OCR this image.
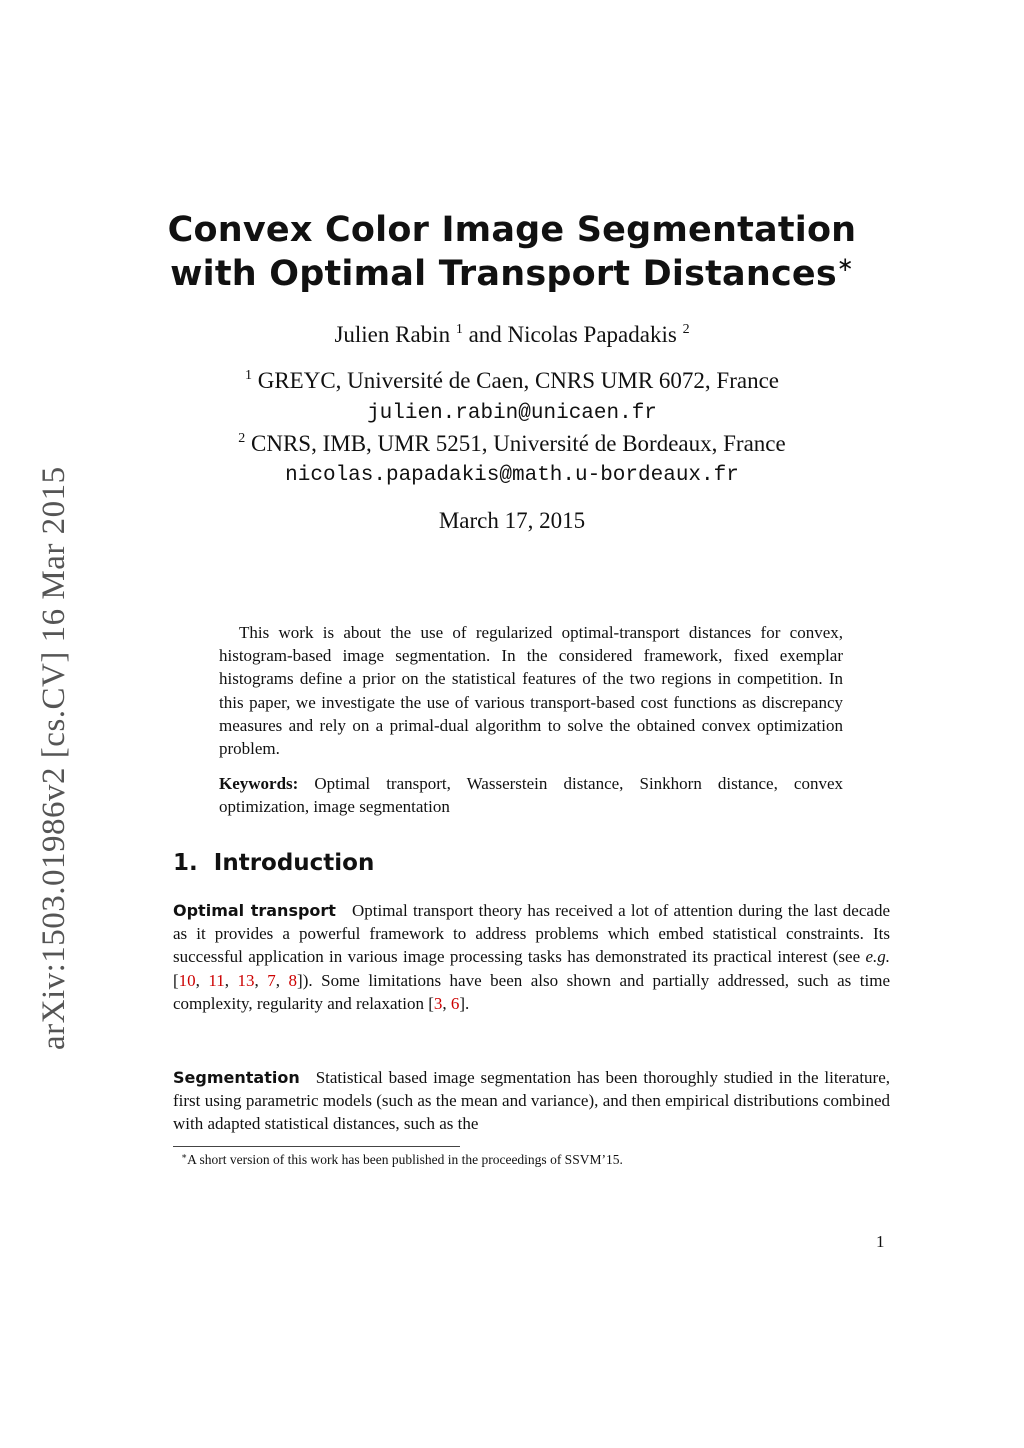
arXiv:1503.01986v2 [cs.CV] 16 Mar 2015
Convex Color Image Segmentation
with Optimal Transport Distances∗
Julien Rabin $^1$ and Nicolas Papadakis $^2$
$^1$ GREYC, Université de Caen, CNRS UMR 6072, France
julien.rabin@unicaen.fr
$^2$ CNRS, IMB, UMR 5251, Université de Bordeaux, France
nicolas.papadakis@math.u-bordeaux.fr
March 17, 2015

This work is about the use of regularized optimal-transport distances for convex, histogram-based image segmentation. In the considered framework, fixed exemplar histograms define a prior on the statistical features of the two regions in competition. In this paper, we investigate the use of various transport-based cost functions as discrepancy measures and rely on a primal-dual algorithm to solve the obtained convex optimization problem.

Keywords: Optimal transport, Wasserstein distance, Sinkhorn distance, convex optimization, image segmentation
1. Introduction

Optimal transport Optimal transport theory has received a lot of attention during the last decade as it provides a powerful framework to address problems which embed statistical constraints. Its successful application in various image processing tasks has demonstrated its practical interest (see e.g. [10, 11, 13, 7, 8]). Some limitations have been also shown and partially addressed, such as time complexity, regularity and relaxation [3, 6].

Segmentation Statistical based image segmentation has been thoroughly studied in the literature, first using parametric models (such as the mean and variance), and then empirical distributions combined with adapted statistical distances, such as the

∗A short version of this work has been published in the proceedings of SSVM’15.
1
